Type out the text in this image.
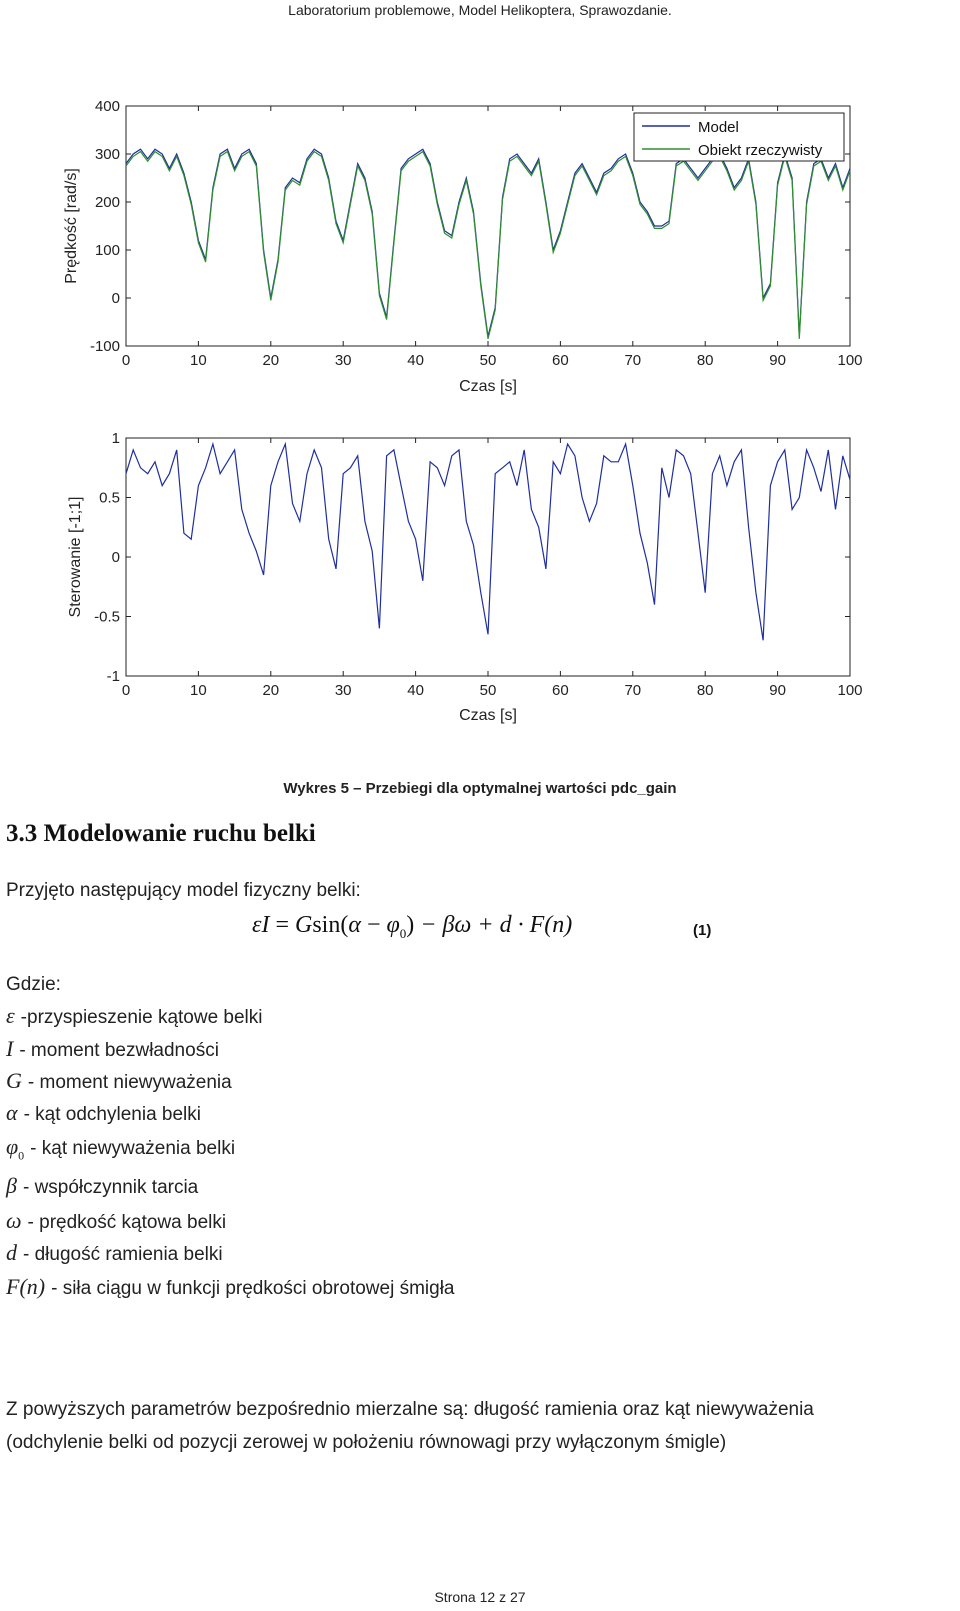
Laboratorium problemowe, Model Helikoptera, Sprawozdanie.
0	10	20	30	40	50	60	70	80	90	100
-100
0
100
200
300
400
Czas [s]
Prędkość [rad/s]
Model
Obiekt rzeczywisty
0	10	20	30	40	50	60	70	80	90	100
-1
-0.5
0
0.5
1
Czas [s]
Sterowanie [-1;1]
Wykres 5 – Przebiegi dla optymalnej wartości pdc_gain
3.3 Modelowanie ruchu belki
Przyjęto następujący model fizyczny belki:
$\varepsilon I = Gsin(\alpha - \varphi_0) - \beta\omega + d \cdot F(n)$	(1)
Gdzie:
ε -przyspieszenie kątowe belki
I - moment bezwładności
G - moment niewyważenia
α - kąt odchylenia belki
$\varphi_0$ - kąt niewyważenia belki
β - współczynnik tarcia
ω - prędkość kątowa belki
d - długość ramienia belki
F(n) - siła ciągu w funkcji prędkości obrotowej śmigła
Z powyższych parametrów bezpośrednio mierzalne są: długość ramienia oraz kąt niewyważenia
(odchylenie belki od pozycji zerowej w położeniu równowagi przy wyłączonym śmigle)
Strona 12 z 27
